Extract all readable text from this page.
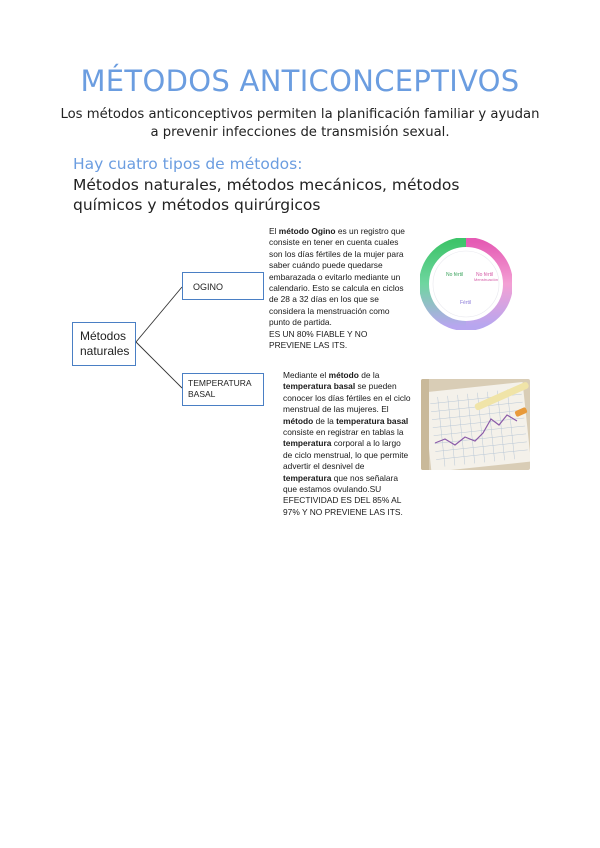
MÉTODOS ANTICONCEPTIVOS
Los métodos anticonceptivos permiten la planificación familiar y ayudan a prevenir infecciones de transmisión sexual.
Hay cuatro tipos de métodos:
Métodos naturales, métodos mecánicos, métodos químicos y métodos quirúrgicos
Métodos naturales
OGINO
TEMPERATURA BASAL
El método Ogino es un registro que consiste en tener en cuenta cuales son los días fértiles de la mujer para saber cuándo puede quedarse embarazada o evitarlo mediante un calendario. Esto se calcula en ciclos de 28 a 32 días en los que se considera la menstruación como punto de partida.
ES UN 80% FIABLE Y NO PREVIENE LAS ITS.
Mediante el método de la temperatura basal se pueden conocer los días fértiles en el ciclo menstrual de las mujeres. El método de la temperatura basal consiste en registrar en tablas la temperatura corporal a lo largo de ciclo menstrual, lo que permite advertir el desnivel de temperatura que nos señalara que estamos ovulando.SU EFECTIVIDAD ES DEL 85% AL 97% Y NO PREVIENE LAS ITS.
No fértil	No fértil
Menstruación
Fértil
